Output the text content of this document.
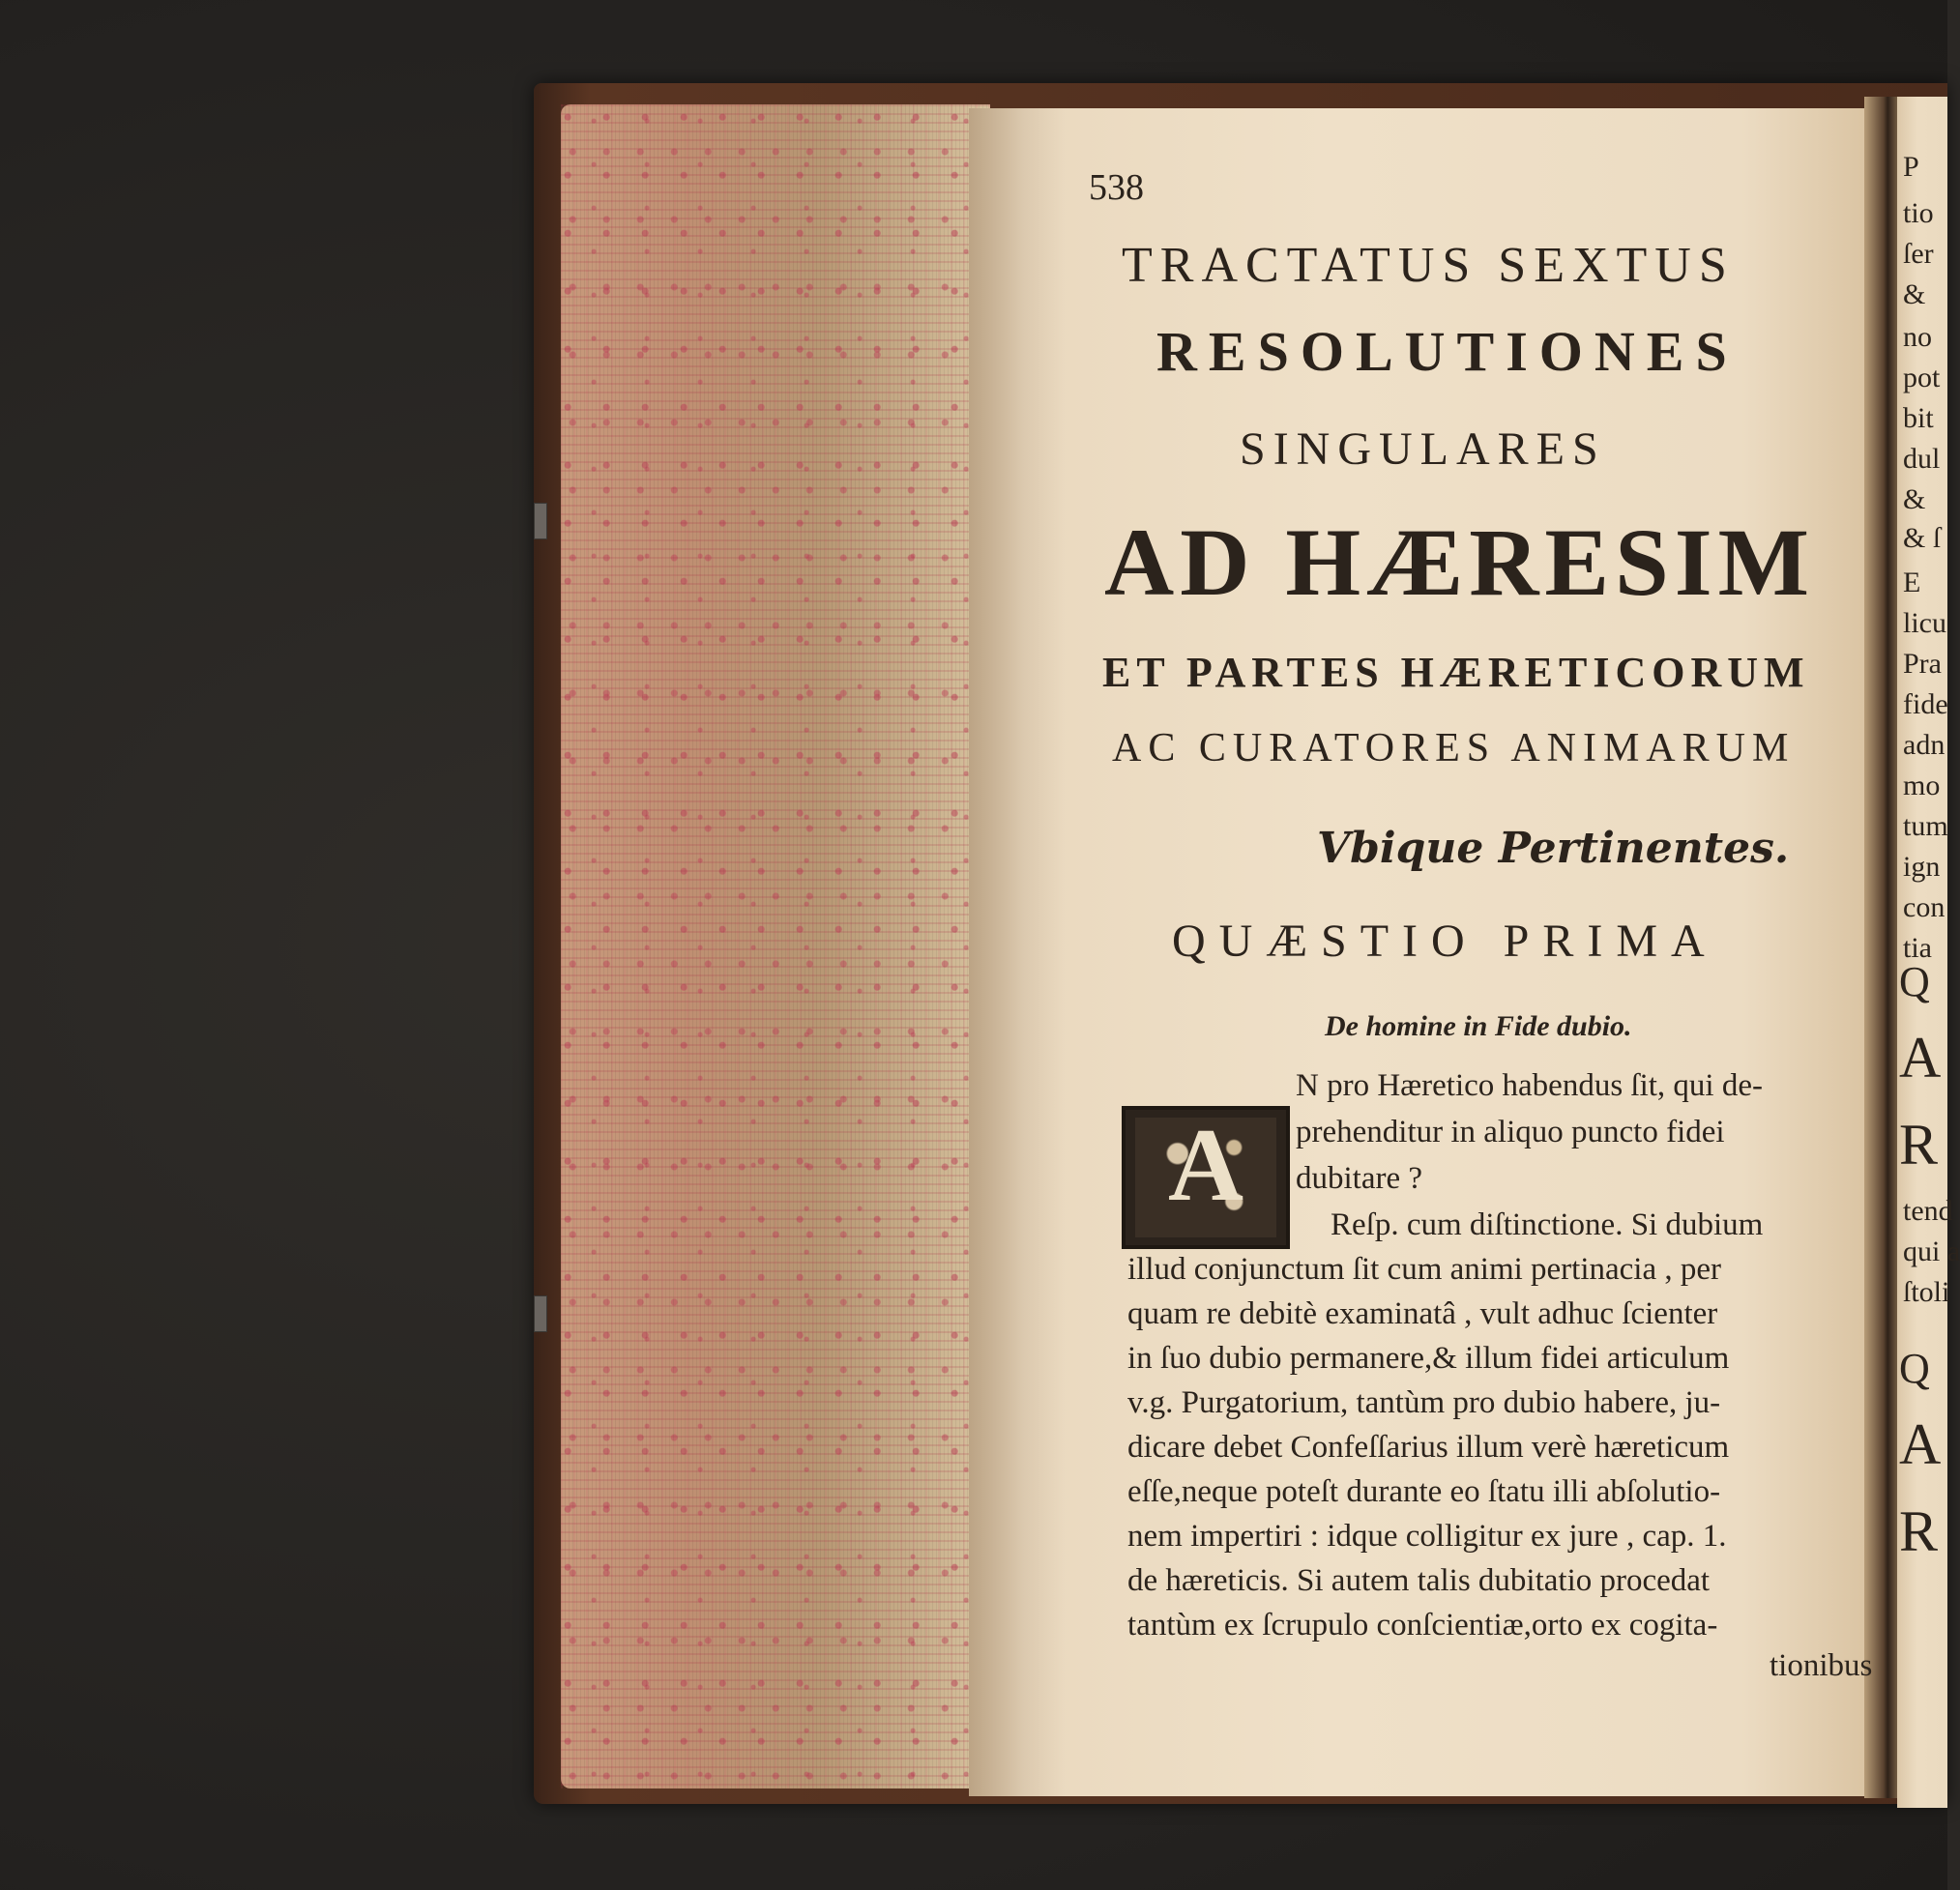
538
TRACTATUS SEXTUS
RESOLUTIONES
SINGULARES
AD HÆRESIM
ET PARTES HÆRETICORUM
AC CURATORES ANIMARUM
Vbique Pertinentes.
QUÆSTIO PRIMA
De homine in Fide dubio.
A
N pro Hæretico habendus ſit, qui de-
prehenditur in aliquo puncto fidei
dubitare ?
Reſp. cum diſtinctione. Si dubium
illud conjunctum ſit cum animi pertinacia , per
quam re debitè examinatâ , vult adhuc ſcienter
in ſuo dubio permanere,& illum fidei articulum
v.g. Purgatorium, tantùm pro dubio habere, ju-
dicare debet Confeſſarius illum verè hæreticum
eſſe,neque poteſt durante eo ſtatu illi abſolutio-
nem impertiri : idque colligitur ex jure , cap. 1.
de hæreticis. Si autem talis dubitatio procedat
tantùm ex ſcrupulo conſcientiæ,orto ex cogita-
tionibus
P
tio
ſer
&
no
pot
bit
dul
&
& ſ
E
licu
Pra
fide
adn
mo
tum
ign
con
tia
Q
A
R
tend
qui a
ſtoli
Q
A
R
